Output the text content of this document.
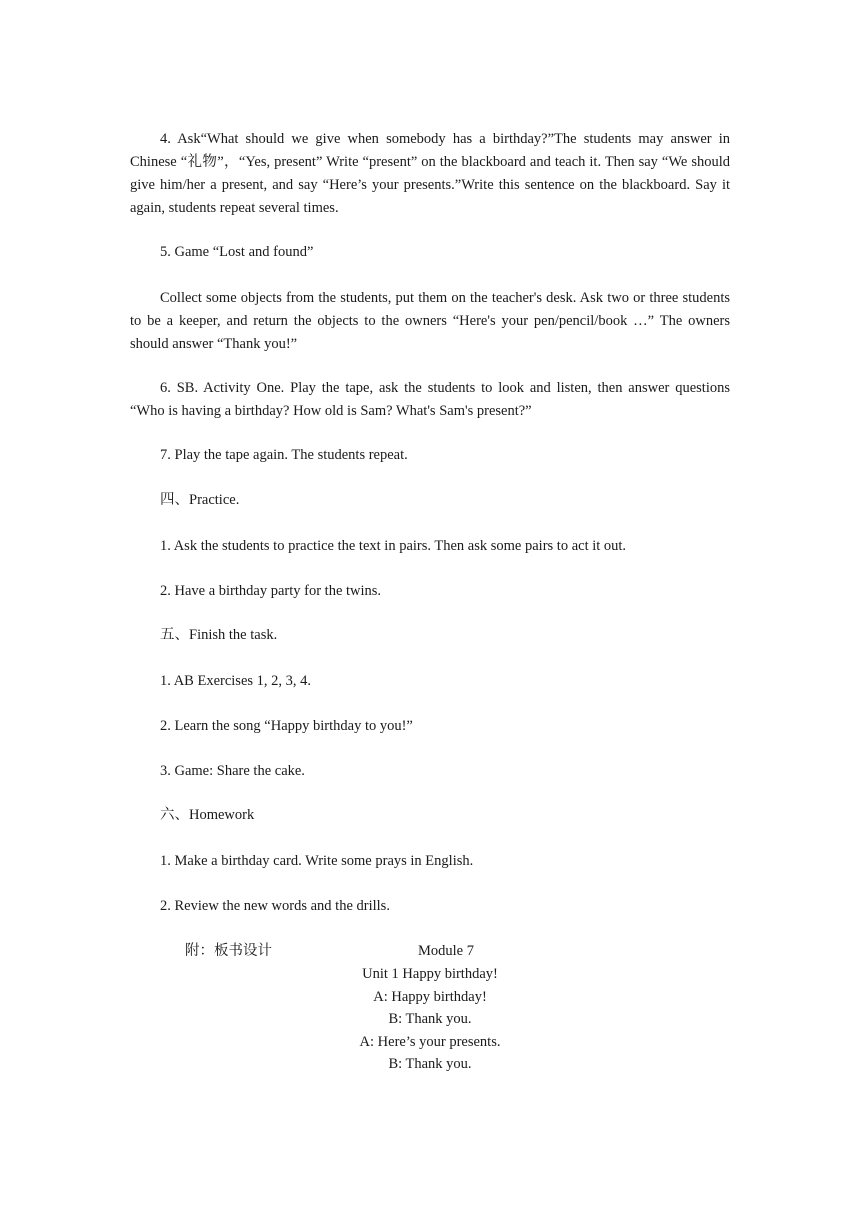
4. Ask“What should we give when somebody has a birthday?”The students may answer in Chinese “礼物”，“Yes, present” Write “present” on the blackboard and teach it. Then say “We should give him/her a present, and say “Here’s your presents.”Write this sentence on the blackboard. Say it again, students repeat several times.

5. Game “Lost and found”

Collect some objects from the students, put them on the teacher's desk. Ask two or three students to be a keeper, and return the objects to the owners “Here's your pen/pencil/book …” The owners should answer “Thank you!”

6. SB. Activity One. Play the tape, ask the students to look and listen, then answer questions “Who is having a birthday? How old is Sam? What's Sam's present?”

7. Play the tape again. The students repeat.

四、Practice.

1. Ask the students to practice the text in pairs. Then ask some pairs to act it out.

2. Have a birthday party for the twins.

五、Finish the task.

1. AB Exercises 1, 2, 3, 4.

2. Learn the song “Happy birthday to you!”

3. Game: Share the cake.

六、Homework

1. Make a birthday card. Write some prays in English.

2. Review the new words and the drills.

附：板书设计	Module 7

Unit 1 Happy birthday!

A: Happy birthday!

B: Thank you.

A: Here’s your presents.

B: Thank you.
